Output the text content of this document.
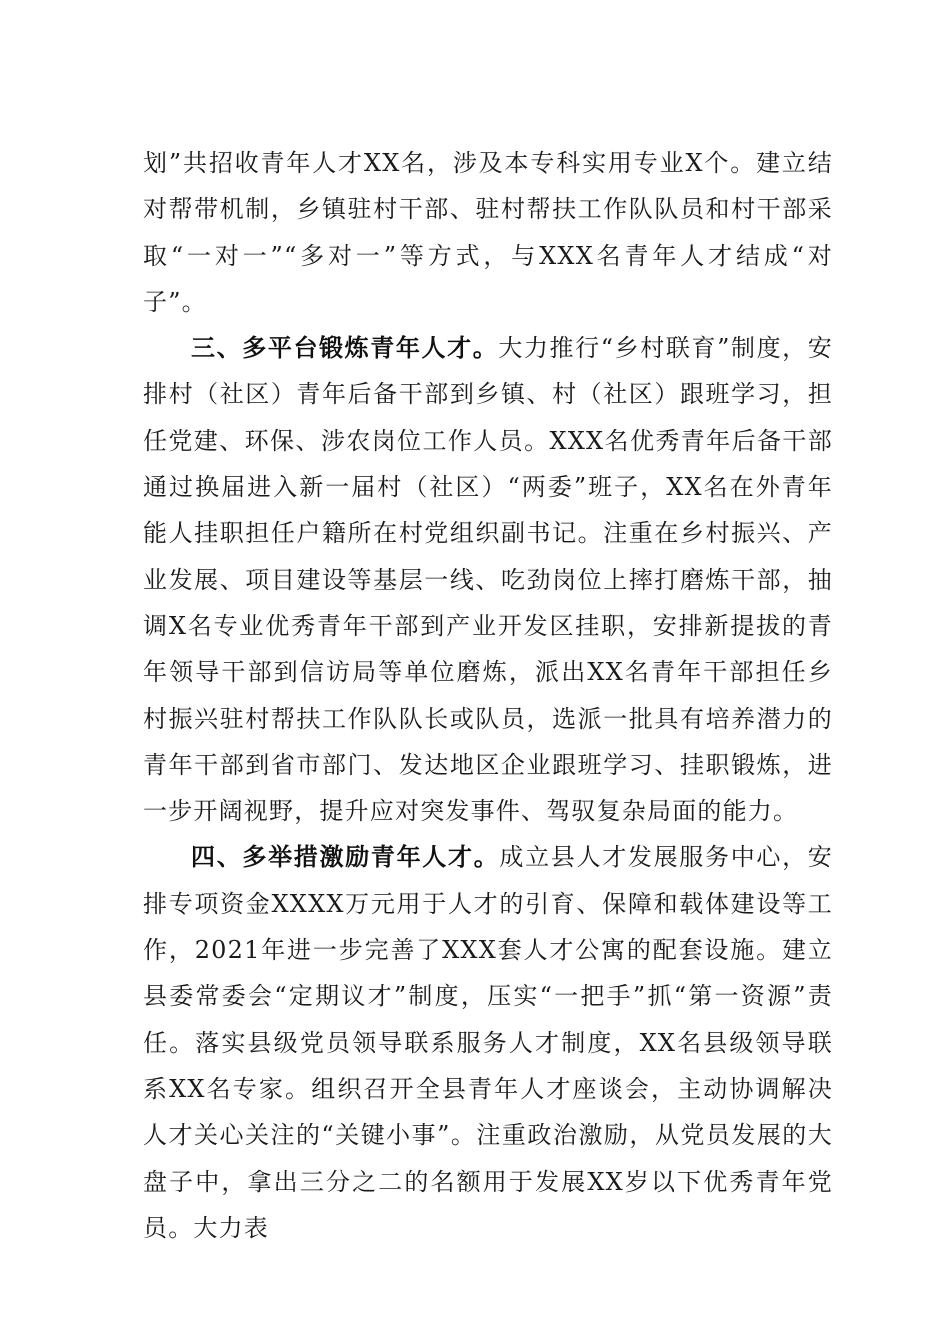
划”共招收青年人才XX名，涉及本专科实用专业X个。建立结对帮带机制，乡镇驻村干部、驻村帮扶工作队队员和村干部采取“一对一”“多对一”等方式，与XXX名青年人才结成“对子”。

三、多平台锻炼青年人才。大力推行“乡村联育”制度，安排村（社区）青年后备干部到乡镇、村（社区）跟班学习，担任党建、环保、涉农岗位工作人员。XXX名优秀青年后备干部通过换届进入新一届村（社区）“两委”班子，XX名在外青年能人挂职担任户籍所在村党组织副书记。注重在乡村振兴、产业发展、项目建设等基层一线、吃劲岗位上摔打磨炼干部，抽调X名专业优秀青年干部到产业开发区挂职，安排新提拔的青年领导干部到信访局等单位磨炼，派出XX名青年干部担任乡村振兴驻村帮扶工作队队长或队员，选派一批具有培养潜力的青年干部到省市部门、发达地区企业跟班学习、挂职锻炼，进一步开阔视野，提升应对突发事件、驾驭复杂局面的能力。

四、多举措激励青年人才。成立县人才发展服务中心，安排专项资金XXXX万元用于人才的引育、保障和载体建设等工作，2021年进一步完善了XXX套人才公寓的配套设施。建立县委常委会“定期议才”制度，压实“一把手”抓“第一资源”责任。落实县级党员领导联系服务人才制度，XX名县级领导联系XX名专家。组织召开全县青年人才座谈会，主动协调解决人才关心关注的“关键小事”。注重政治激励，从党员发展的大盘子中，拿出三分之二的名额用于发展XX岁以下优秀青年党员。大力表
